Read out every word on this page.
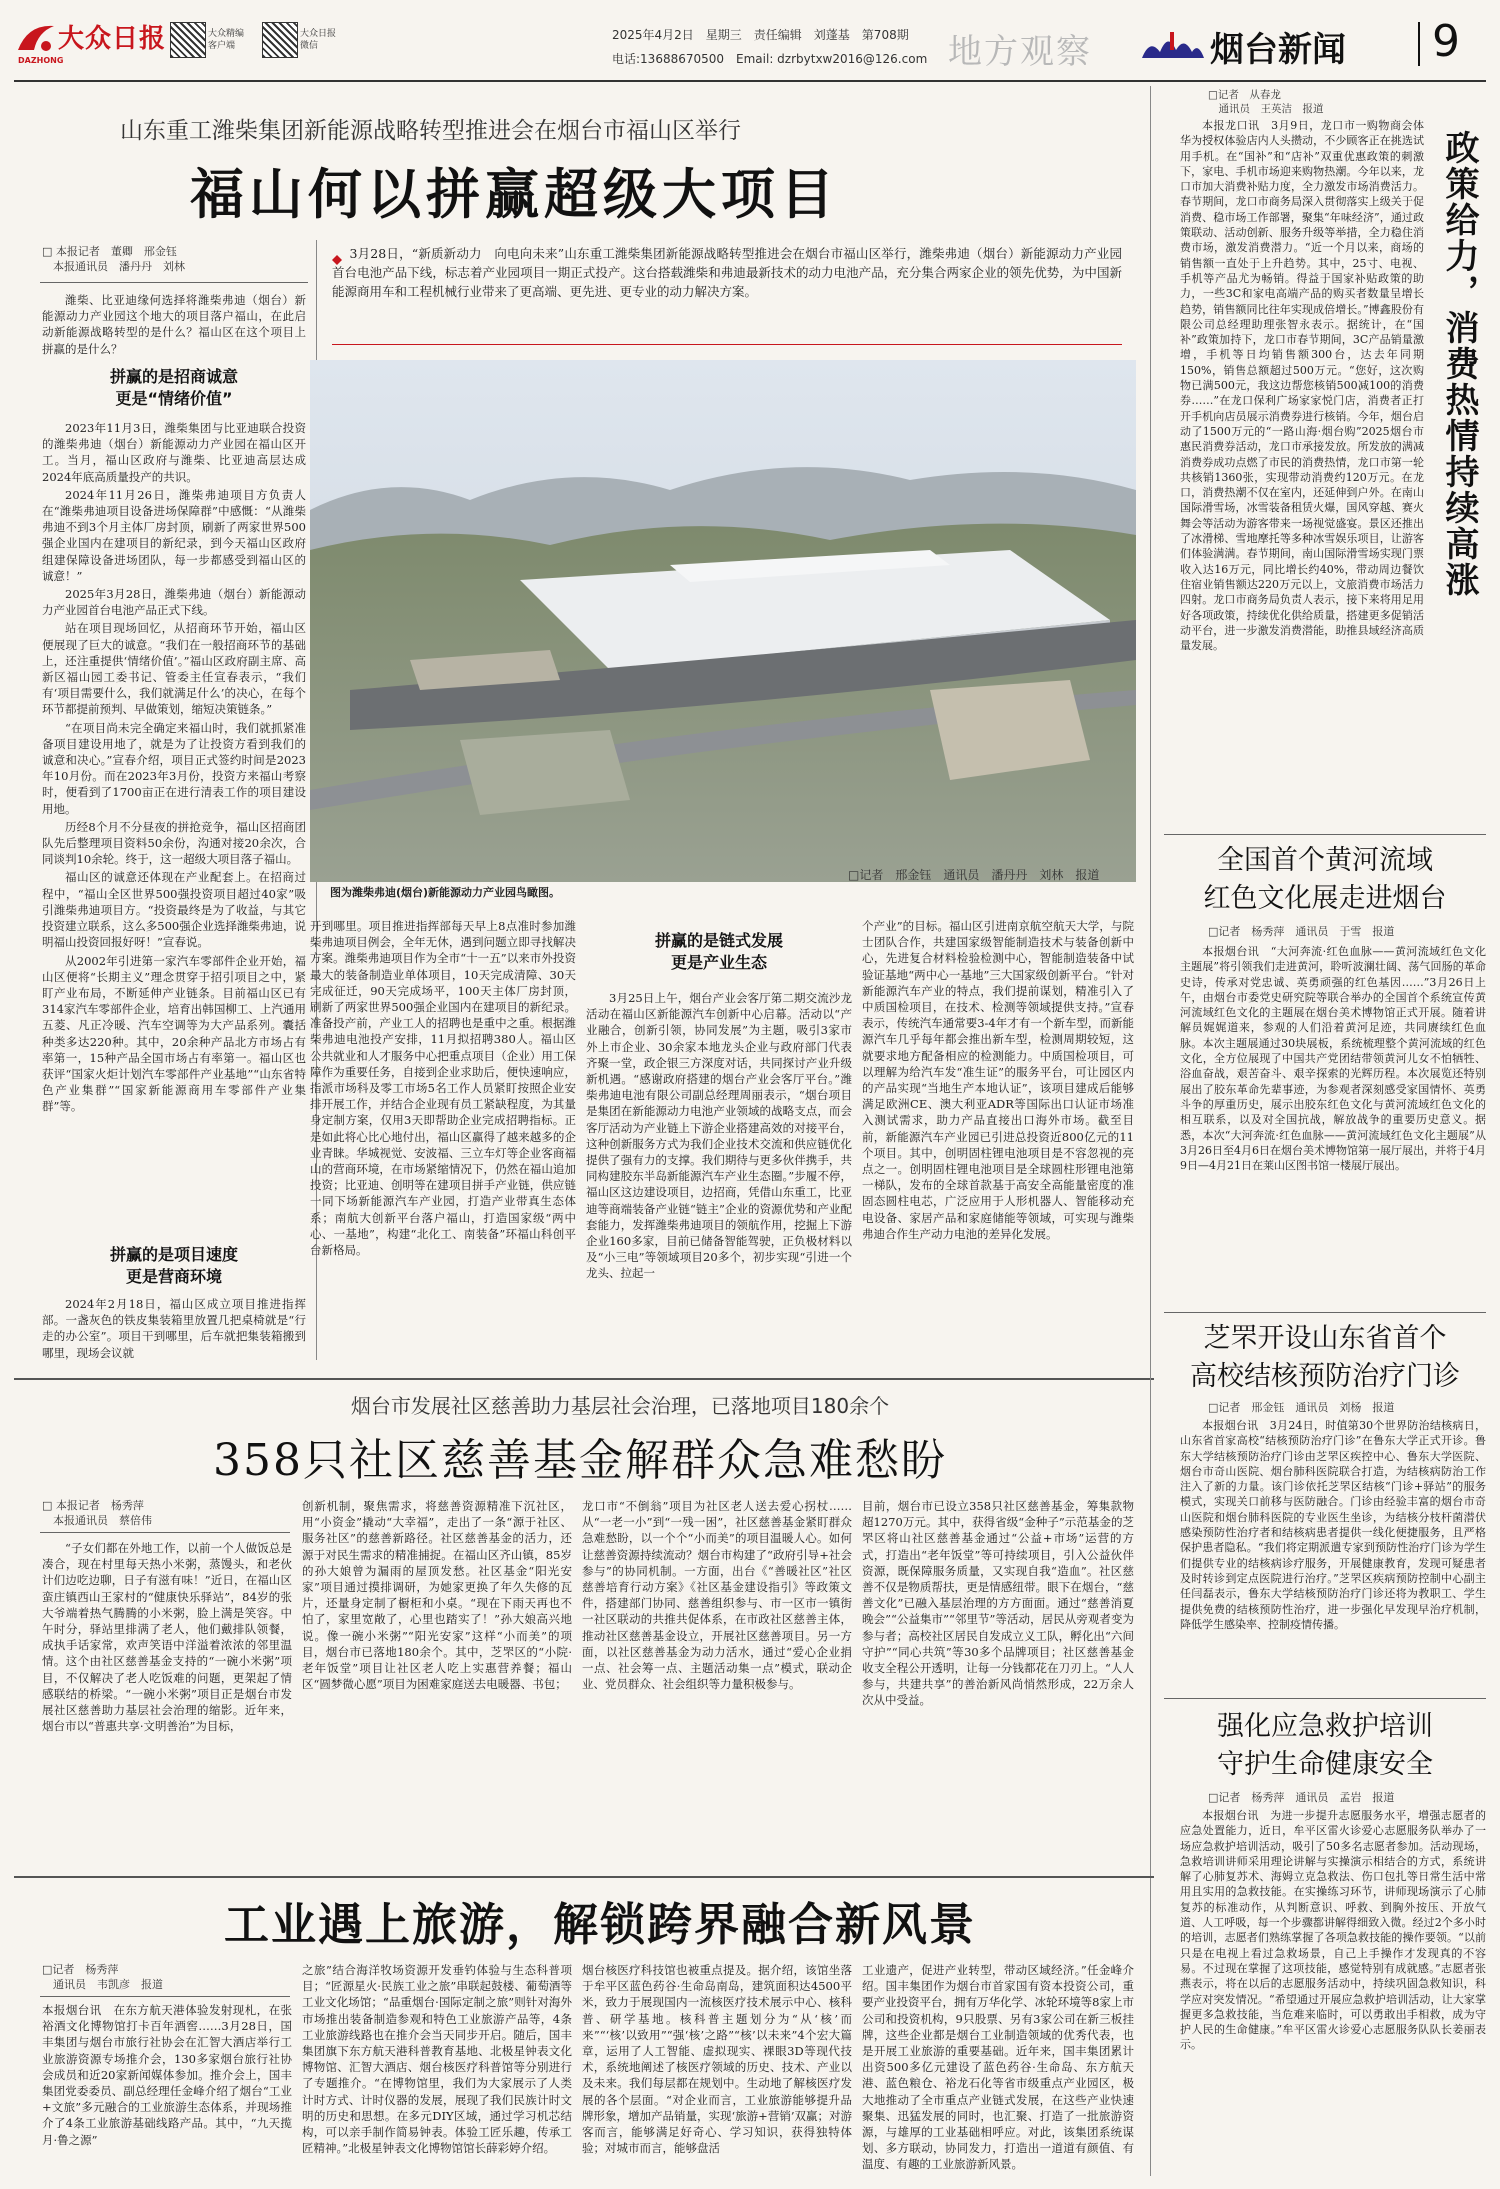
大众日报
DAZHONG
大众精编
客户端
大众日报
微信
2025年4月2日　星期三　责任编辑　刘蓬基　第708期
电话:13688670500　Email: dzrbytxw2016@126.com 地方观察	烟台新闻 9
山东重工潍柴集团新能源战略转型推进会在烟台市福山区举行
福山何以拼赢超级大项目
□ 本报记者　董卿　邢金钰
　本报通讯员　潘丹丹　刘林
3月28日，“新质新动力　向电向未来”山东重工潍柴集团新能源战略转型推进会在烟台市福山区举行，潍柴弗迪（烟台）新能源动力产业园首台电池产品下线，标志着产业园项目一期正式投产。这台搭载潍柴和弗迪最新技术的动力电池产品，充分集合两家企业的领先优势，为中国新能源商用车和工程机械行业带来了更高端、更先进、更专业的动力解决方案。
潍柴、比亚迪缘何选择将潍柴弗迪（烟台）新能源动力产业园这个地大的项目落户福山，在此启动新能源战略转型的是什么？福山区在这个项目上拼赢的是什么？
拼赢的是招商诚意
更是“情绪价值”

2023年11月3日，潍柴集团与比亚迪联合投资的潍柴弗迪（烟台）新能源动力产业园在福山区开工。当月，福山区政府与潍柴、比亚迪高层达成2024年底高质量投产的共识。

2024年11月26日，潍柴弗迪项目方负责人在“潍柴弗迪项目设备进场保障群”中感慨：“从潍柴弗迪不到3个月主体厂房封顶，刷新了两家世界500强企业国内在建项目的新纪录，到今天福山区政府组建保障设备进场团队，每一步都感受到福山区的诚意！”

2025年3月28日，潍柴弗迪（烟台）新能源动力产业园首台电池产品正式下线。

站在项目现场回忆，从招商环节开始，福山区便展现了巨大的诚意。“我们在一般招商环节的基础上，还注重提供‘情绪价值’。”福山区政府副主席、高新区福山园工委书记、管委主任宣春表示，“我们有‘项目需要什么，我们就满足什么’的决心，在每个环节都提前预判、早做策划，缩短决策链条。”

“在项目尚未完全确定来福山时，我们就抓紧准备项目建设用地了，就是为了让投资方看到我们的诚意和决心。”宣春介绍，项目正式签约时间是2023年10月份。而在2023年3月份，投资方来福山考察时，便看到了1700亩正在进行清表工作的项目建设用地。

历经8个月不分昼夜的拼抢竞争，福山区招商团队先后整理项目资料50余份，沟通对接20余次，合同谈判10余轮。终于，这一超级大项目落子福山。

福山区的诚意还体现在产业配套上。在招商过程中，“福山全区世界500强投资项目超过40家”吸引潍柴弗迪项目方。“投资最终是为了收益，与其它投资建立联系，这么多500强企业选择潍柴弗迪，说明福山投资回报好呀！”宣春说。

从2002年引进第一家汽车零部件企业开始，福山区便将“长期主义”理念贯穿于招引项目之中，紧盯产业布局，不断延伸产业链条。目前福山区已有314家汽车零部件企业，培育出韩国柳工、上汽通用五菱、凡正冷暖、汽车空调等为大产品系列。囊括种类多达220种。其中，20余种产品北方市场占有率第一，15种产品全国市场占有率第一。福山区也获评“国家火炬计划汽车零部件产业基地”“山东省特色产业集群”“国家新能源商用车零部件产业集群”等。

拼赢的是项目速度
更是营商环境
2024年2月18日，福山区成立项目推进指挥部。一盏灰色的铁皮集装箱里放置几把桌椅就是“行走的办公室”。项目干到哪里，后车就把集装箱搬到哪里，现场会议就
图为潍柴弗迪(烟台)新能源动力产业园鸟瞰图。
□记者　邢金钰　通讯员　潘丹丹　刘林　报道
开到哪里。项目推进指挥部每天早上8点准时参加潍柴弗迪项目例会，全年无休，遇到问题立即寻找解决方案。潍柴弗迪项目作为全市“十一五”以来市外投资最大的装备制造业单体项目，10天完成清障、30天完成征迁，90天完成场平，100天主体厂房封顶，刷新了两家世界500强企业国内在建项目的新纪录。准备投产前，产业工人的招聘也是重中之重。根据潍柴弗迪电池投产安排，11月拟招聘380人。福山区公共就业和人才服务中心把重点项目（企业）用工保障作为重要任务，自接到企业求助后，便快速响应，指派市场科及零工市场5名工作人员紧盯按照企业安排开展工作，并结合企业现有员工紧缺程度，为其量身定制方案，仅用3天即帮助企业完成招聘指标。正是如此将心比心地付出，福山区赢得了越来越多的企业青睐。华城视觉、安波福、三立车灯等企业客商福山的营商环境，在市场紧缩情况下，仍然在福山追加投资；比亚迪、创明等在建项目拼手产业链，供应链一同下场新能源汽车产业园，打造产业带真生态体系；南航大创新平台落户福山，打造国家级“两中心、一基地”，构建“北化工、南装备”环福山科创平台新格局。
拼赢的是链式发展
更是产业生态
3月25日上午，烟台产业会客厅第二期交流沙龙活动在福山区新能源汽车创新中心启幕。活动以“产业融合，创新引领，协同发展”为主题，吸引3家市外上市企业、30余家本地龙头企业与政府部门代表齐聚一堂，政企银三方深度对话，共同探讨产业升级新机遇。“感谢政府搭建的烟台产业会客厅平台。”潍柴弗迪电池有限公司副总经理周丽表示，“烟台项目是集团在新能源动力电池产业领域的战略支点，而会客厅活动为产业链上下游企业搭建高效的对接平台，这种创新服务方式为我们企业技术交流和供应链优化提供了强有力的支撑。我们期待与更多伙伴携手，共同构建胶东半岛新能源汽车产业生态圈。”步履不停，福山区这边建设项目，边招商，凭借山东重工，比亚迪等商端装备产业链“链主”企业的资源优势和产业配套能力，发挥潍柴弗迪项目的领航作用，挖掘上下游企业160多家，目前已储备智能驾驶，正负极材料以及“小三电”等领域项目20多个，初步实现“引进一个龙头、拉起一
个产业”的目标。福山区引进南京航空航天大学，与院士团队合作，共建国家级智能制造技术与装备创新中心，先进复合材料检验检测中心，智能制造装备中试验证基地“两中心一基地”三大国家级创新平台。“针对新能源汽车产业的特点，我们提前谋划，精准引入了中质国检项目，在技术、检测等领域提供支持。”宣春表示，传统汽车通常要3-4年才有一个新车型，而新能源汽车几乎每年都会推出新车型，检测周期较短，这就要求地方配备相应的检测能力。中质国检项目，可以理解为给汽车发“准生证”的服务平台，可让园区内的产品实现“当地生产本地认证”，该项目建成后能够满足欧洲CE、澳大利亚ADR等国际出口认证市场准入测试需求，助力产品直接出口海外市场。截至目前，新能源汽车产业园已引进总投资近800亿元的11个项目。其中，创明固柱锂电池项目是不容忽视的亮点之一。创明固柱锂电池项目是全球圆柱形锂电池第一梯队，发布的全球首款基于高安全高能量密度的准固态圆柱电芯，广泛应用于人形机器人、智能移动充电设备、家居产品和家庭储能等领域，可实现与潍柴弗迪合作生产动力电池的差异化发展。
□记者　从春龙
　通讯员　王英洁　报道
本报龙口讯　3月9日，龙口市一购物商会体华为授权体验店内人头攒动，不少顾客正在挑选试用手机。在“国补”和“店补”双重优惠政策的刺激下，家电、手机市场迎来购物热潮。今年以来，龙口市加大消费补贴力度，全力激发市场消费活力。春节期间，龙口市商务局深入贯彻落实上级关于促消费、稳市场工作部署，聚集“年味经济”，通过政策联动、活动创新、服务升级等举措，全力稳住消费市场，激发消费潜力。“近一个月以来，商场的销售额一直处于上升趋势。其中，25寸、电视、手机等产品尤为畅销。得益于国家补贴政策的助力，一些3C和家电高端产品的购买者数量呈增长趋势，销售额同比往年实现成倍增长。”博鑫股份有限公司总经理助理张智永表示。据统计，在“国补”政策加持下，龙口市春节期间，3C产品销量激增，手机等日均销售额300台，达去年同期150%，销售总额超过500万元。“您好，这次购物已满500元，我这边帮您核销500减100的消费券……”在龙口保利广场家家悦门店，消费者正打开手机向店员展示消费券进行核销。今年，烟台启动了1500万元的“一路山海·烟台购”2025烟台市惠民消费券活动，龙口市承接发放。所发放的满减消费券成功点燃了市民的消费热情，龙口市第一轮共核销1360张，实现带动消费约120万元。在龙口，消费热潮不仅在室内，还延伸到户外。在南山国际滑雪场，冰雪装备租赁火爆，国风穿越、赛火舞会等活动为游客带来一场视觉盛宴。景区还推出了冰滑梯、雪地摩托等多种冰雪娱乐项目，让游客们体验满满。春节期间，南山国际滑雪场实现门票收入达16万元，同比增长约40%，带动周边餐饮住宿业销售额达220万元以上，文旅消费市场活力四射。龙口市商务局负责人表示，接下来将用足用好各项政策，持续优化供给质量，搭建更多促销活动平台，进一步激发消费潜能，助推县域经济高质量发展。
政策给力，消费热情持续高涨
全国首个黄河流域
红色文化展走进烟台
□记者　杨秀萍　通讯员　于雪　报道
本报烟台讯　“大河奔流·红色血脉——黄河流域红色文化主题展”将引领我们走进黄河，聆听波澜壮阔、荡气回肠的革命史诗，传承对党忠诚、英勇顽强的红色基因……”3月26日上午，由烟台市委党史研究院等联合举办的全国首个系统宣传黄河流域红色文化的主题展在烟台美术博物馆正式开展。随着讲解员娓娓道来，参观的人们沿着黄河足迹，共同赓续红色血脉。本次主题展通过30块展板，系统梳理整个黄河流域的红色文化，全方位展现了中国共产党团结带领黄河儿女不怕牺牲、浴血奋战，艰苦奋斗、艰辛探索的光辉历程。本次展览还特别展出了胶东革命先辈事迹，为参观者深刻感受家国情怀、英勇斗争的厚重历史，展示出胶东红色文化与黄河流域红色文化的相互联系，以及对全国抗战，解放战争的重要历史意义。据悉，本次“大河奔流·红色血脉——黄河流域红色文化主题展”从3月26日至4月6日在烟台美术博物馆第一展厅展出，并将于4月9日—4月21日在莱山区图书馆一楼展厅展出。
芝罘开设山东省首个
高校结核预防治疗门诊
□记者　邢金钰　通讯员　刘杨　报道
本报烟台讯　3月24日，时值第30个世界防治结核病日，山东省首家高校“结核预防治疗门诊”在鲁东大学正式开诊。鲁东大学结核预防治疗门诊由芝罘区疾控中心、鲁东大学医院、烟台市奇山医院、烟台肺科医院联合打造，为结核病防治工作注入了新的力量。该门诊依托芝罘区结核“门诊+驿站”的服务模式，实现关口前移与医防融合。门诊由经验丰富的烟台市奇山医院和烟台肺科医院的专业医生坐诊，为结核分枝杆菌潜伏感染预防性治疗者和结核病患者提供一线化便捷服务，且严格保护患者隐私。“我们将定期派遣专家到预防性治疗门诊为学生们提供专业的结核病诊疗服务，开展健康教育，发现可疑患者及时转诊到定点医院进行治疗。”芝罘区疾病预防控制中心副主任闫磊表示，鲁东大学结核预防治疗门诊还将为教职工、学生提供免费的结核预防性治疗，进一步强化早发现早治疗机制，降低学生感染率、控制疫情传播。
强化应急救护培训
守护生命健康安全
□记者　杨秀萍　通讯员　孟岩　报道
本报烟台讯　为进一步提升志愿服务水平，增强志愿者的应急处置能力，近日，牟平区雷火诊爱心志愿服务队举办了一场应急救护培训活动，吸引了50多名志愿者参加。活动现场，急救培训讲师采用理论讲解与实操演示相结合的方式，系统讲解了心肺复苏术、海姆立克急救法、伤口包扎等日常生活中常用且实用的急救技能。在实操练习环节，讲师现场演示了心肺复苏的标准动作，从判断意识、呼救、到胸外按压、开放气道、人工呼吸，每一个步骤都讲解得细致入微。经过2个多小时的培训，志愿者们熟练掌握了各项急救技能的操作要领。“以前只是在电视上看过急救场景，自己上手操作才发现真的不容易。不过现在掌握了这项技能，感觉特别有成就感。”志愿者张燕表示，将在以后的志愿服务活动中，持续巩固急救知识，科学应对突发情况。“希望通过开展应急救护培训活动，让大家掌握更多急救技能，当危难来临时，可以勇敢出手相救，成为守护人民的生命健康。”牟平区雷火诊爱心志愿服务队队长姜丽表示。
烟台市发展社区慈善助力基层社会治理，已落地项目180余个
358只社区慈善基金解群众急难愁盼
□ 本报记者　杨秀萍
　本报通讯员　蔡倍伟
“子女们都在外地工作，以前一个人做饭总是凑合，现在村里每天热小米粥，蒸馒头，和老伙计们边吃边聊，日子有滋有味！”近日，在福山区蛮庄镇西山王家村的“健康快乐驿站”，84岁的张大爷端着热气腾腾的小米粥，脸上满是笑容。中午时分，驿站里排满了老人，他们戴排队领餐，成执手话家常，欢声笑语中洋溢着浓浓的邻里温情。这个由社区慈善基金支持的“一碗小米粥”项目，不仅解决了老人吃饭难的问题，更架起了情感联结的桥梁。“一碗小米粥”项目正是烟台市发展社区慈善助力基层社会治理的缩影。近年来，烟台市以“普惠共享·文明善治”为目标，
创新机制，聚焦需求，将慈善资源精准下沉社区，用“小资金”撬动“大幸福”，走出了一条“源于社区、服务社区”的慈善新路径。社区慈善基金的活力，还源于对民生需求的精准捕捉。在福山区齐山镇，85岁的孙大娘曾为漏雨的屋顶发愁。社区基金“阳光安家”项目通过摸排调研，为她家更换了年久失修的瓦片，还量身定制了橱柜和小桌。“现在下雨天再也不怕了，家里宽敞了，心里也踏实了！”孙大娘高兴地说。像一碗小米粥”“阳光安家”这样“小而美”的项目，烟台市已落地180余个。其中，芝罘区的“小院·老年饭堂”项目让社区老人吃上实惠营养餐；福山区“圆梦微心愿”项目为困难家庭送去电暖器、书包；
龙口市“不倒翁”项目为社区老人送去爱心拐杖……从“一老一小”到“一残一困”，社区慈善基金紧盯群众急难愁盼，以一个个“小而美”的项目温暖人心。如何让慈善资源持续流动？烟台市构建了“政府引导+社会参与”的协同机制。一方面，出台《“善暖社区”社区慈善培育行动方案》《社区基金建设指引》等政策文件，搭建部门协同、慈善组织参与、市一区市一镇街一社区联动的共推共促体系，在市政社区慈善主体，推动社区慈善基金设立，开展社区慈善项目。另一方面，以社区慈善基金为动力活水，通过“爱心企业捐一点、社会筹一点、主题活动集一点”模式，联动企业、党员群众、社会组织等力量积极参与。
目前，烟台市已设立358只社区慈善基金，筹集款物超1270万元。其中，获得省级“金种子”示范基金的芝罘区将山社区慈善基金通过“公益+市场”运营的方式，打造出“老年饭堂”等可持续项目，引入公益伙伴资源，既保障服务质量，又实现自我“造血”。社区慈善不仅是物质帮扶，更是情感纽带。眼下在烟台，“慈善文化”已融入基层治理的方方面面。通过“慈善消夏晚会”“公益集市”“邻里节”等活动，居民从旁观者变为参与者；高校社区居民自发成立义工队，孵化出“六间守护”“同心共筑”等30多个品牌项目；社区慈善基金收支全程公开透明，让每一分钱都花在刀刃上。“人人参与，共建共享”的善治新风尚悄然形成，22万余人次从中受益。
工业遇上旅游，解锁跨界融合新风景
□记者　杨秀萍
　通讯员　韦凯彦　报道
本报烟台讯　在东方航天港体验发射现札，在张裕酒文化博物馆打卡百年酒窖……3月28日，国丰集团与烟台市旅行社协会在汇智大酒店举行工业旅游资源专场推介会，130多家烟台旅行社协会成员和近20家新闻媒体参加。推介会上，国丰集团党委委员、副总经理任金峰介绍了烟台“工业+文旅”多元融合的工业旅游生态体系，并现场推介了4条工业旅游基础线路产品。其中，“九天揽月·鲁之源”
之旅”结合海洋牧场资源开发垂钓体验与生态科普项目；“匠源星火·民族工业之旅”串联起鼓楼、葡萄酒等工业文化场馆；“品重烟台·国际定制之旅”则针对海外市场推出装备制造参观和特色工业旅游产品等，4条工业旅游线路也在推介会当天同步开启。随后，国丰集团旗下东方航天港科普教育基地、北极星钟表文化博物馆、汇智大酒店、烟台核医疗科普馆等分别进行了专题推介。“在博物馆里，我们为大家展示了人类计时方式、计时仪器的发展，展现了我们民族计时文明的历史和思想。在多元DIY区域，通过学习机芯结构，可以亲手制作简易钟表。体验工匠乐趣，传承工匠精神。”北极星钟表文化博物馆馆长薛彩婷介绍。
烟台核医疗科技馆也被重点提及。据介绍，该馆坐落于牟平区蓝色药谷·生命岛南岛，建筑面积达4500平米，致力于展现国内一流核医疗技术展示中心、核科普、研学基地。核科普主题划分为“从‘核’而来”“‘核’以致用”“强‘核’之路”“核’以未来”4个宏大篇章，运用了人工智能、虚拟现实、裸眼3D等现代技术，系统地阐述了核医疗领域的历史、技术、产业以及未来。我们每层都在规划中。生动地了解核医疗发展的各个层面。“对企业而言，工业旅游能够提升品牌形象，增加产品销量，实现‘旅游+营销’双赢；对游客而言，能够满足好奇心、学习知识，获得独特体验；对城市而言，能够盘活
工业遗产，促进产业转型，带动区域经济。”任金峰介绍。国丰集团作为烟台市首家国有资本投资公司，重要产业投资平台，拥有万华化学、冰轮环境等8家上市公司和投资机构，9只股票、另有3家公司在新三板挂牌，这些企业都是烟台工业制造领域的优秀代表，也是开展工业旅游的重要基础。近年来，国丰集团累计出资500多亿元建设了蓝色药谷·生命岛、东方航天港、蓝色粮仓、裕龙石化等省市级重点产业园区，极大地推动了全市重点产业链式发展，在这些产业快速聚集、迅猛发展的同时，也汇聚、打造了一批旅游资源，与雄厚的工业基础相呼应。对此，该集团系统谋划、多方联动，协同发力，打造出一道道有颜值、有温度、有趣的工业旅游新风景。
